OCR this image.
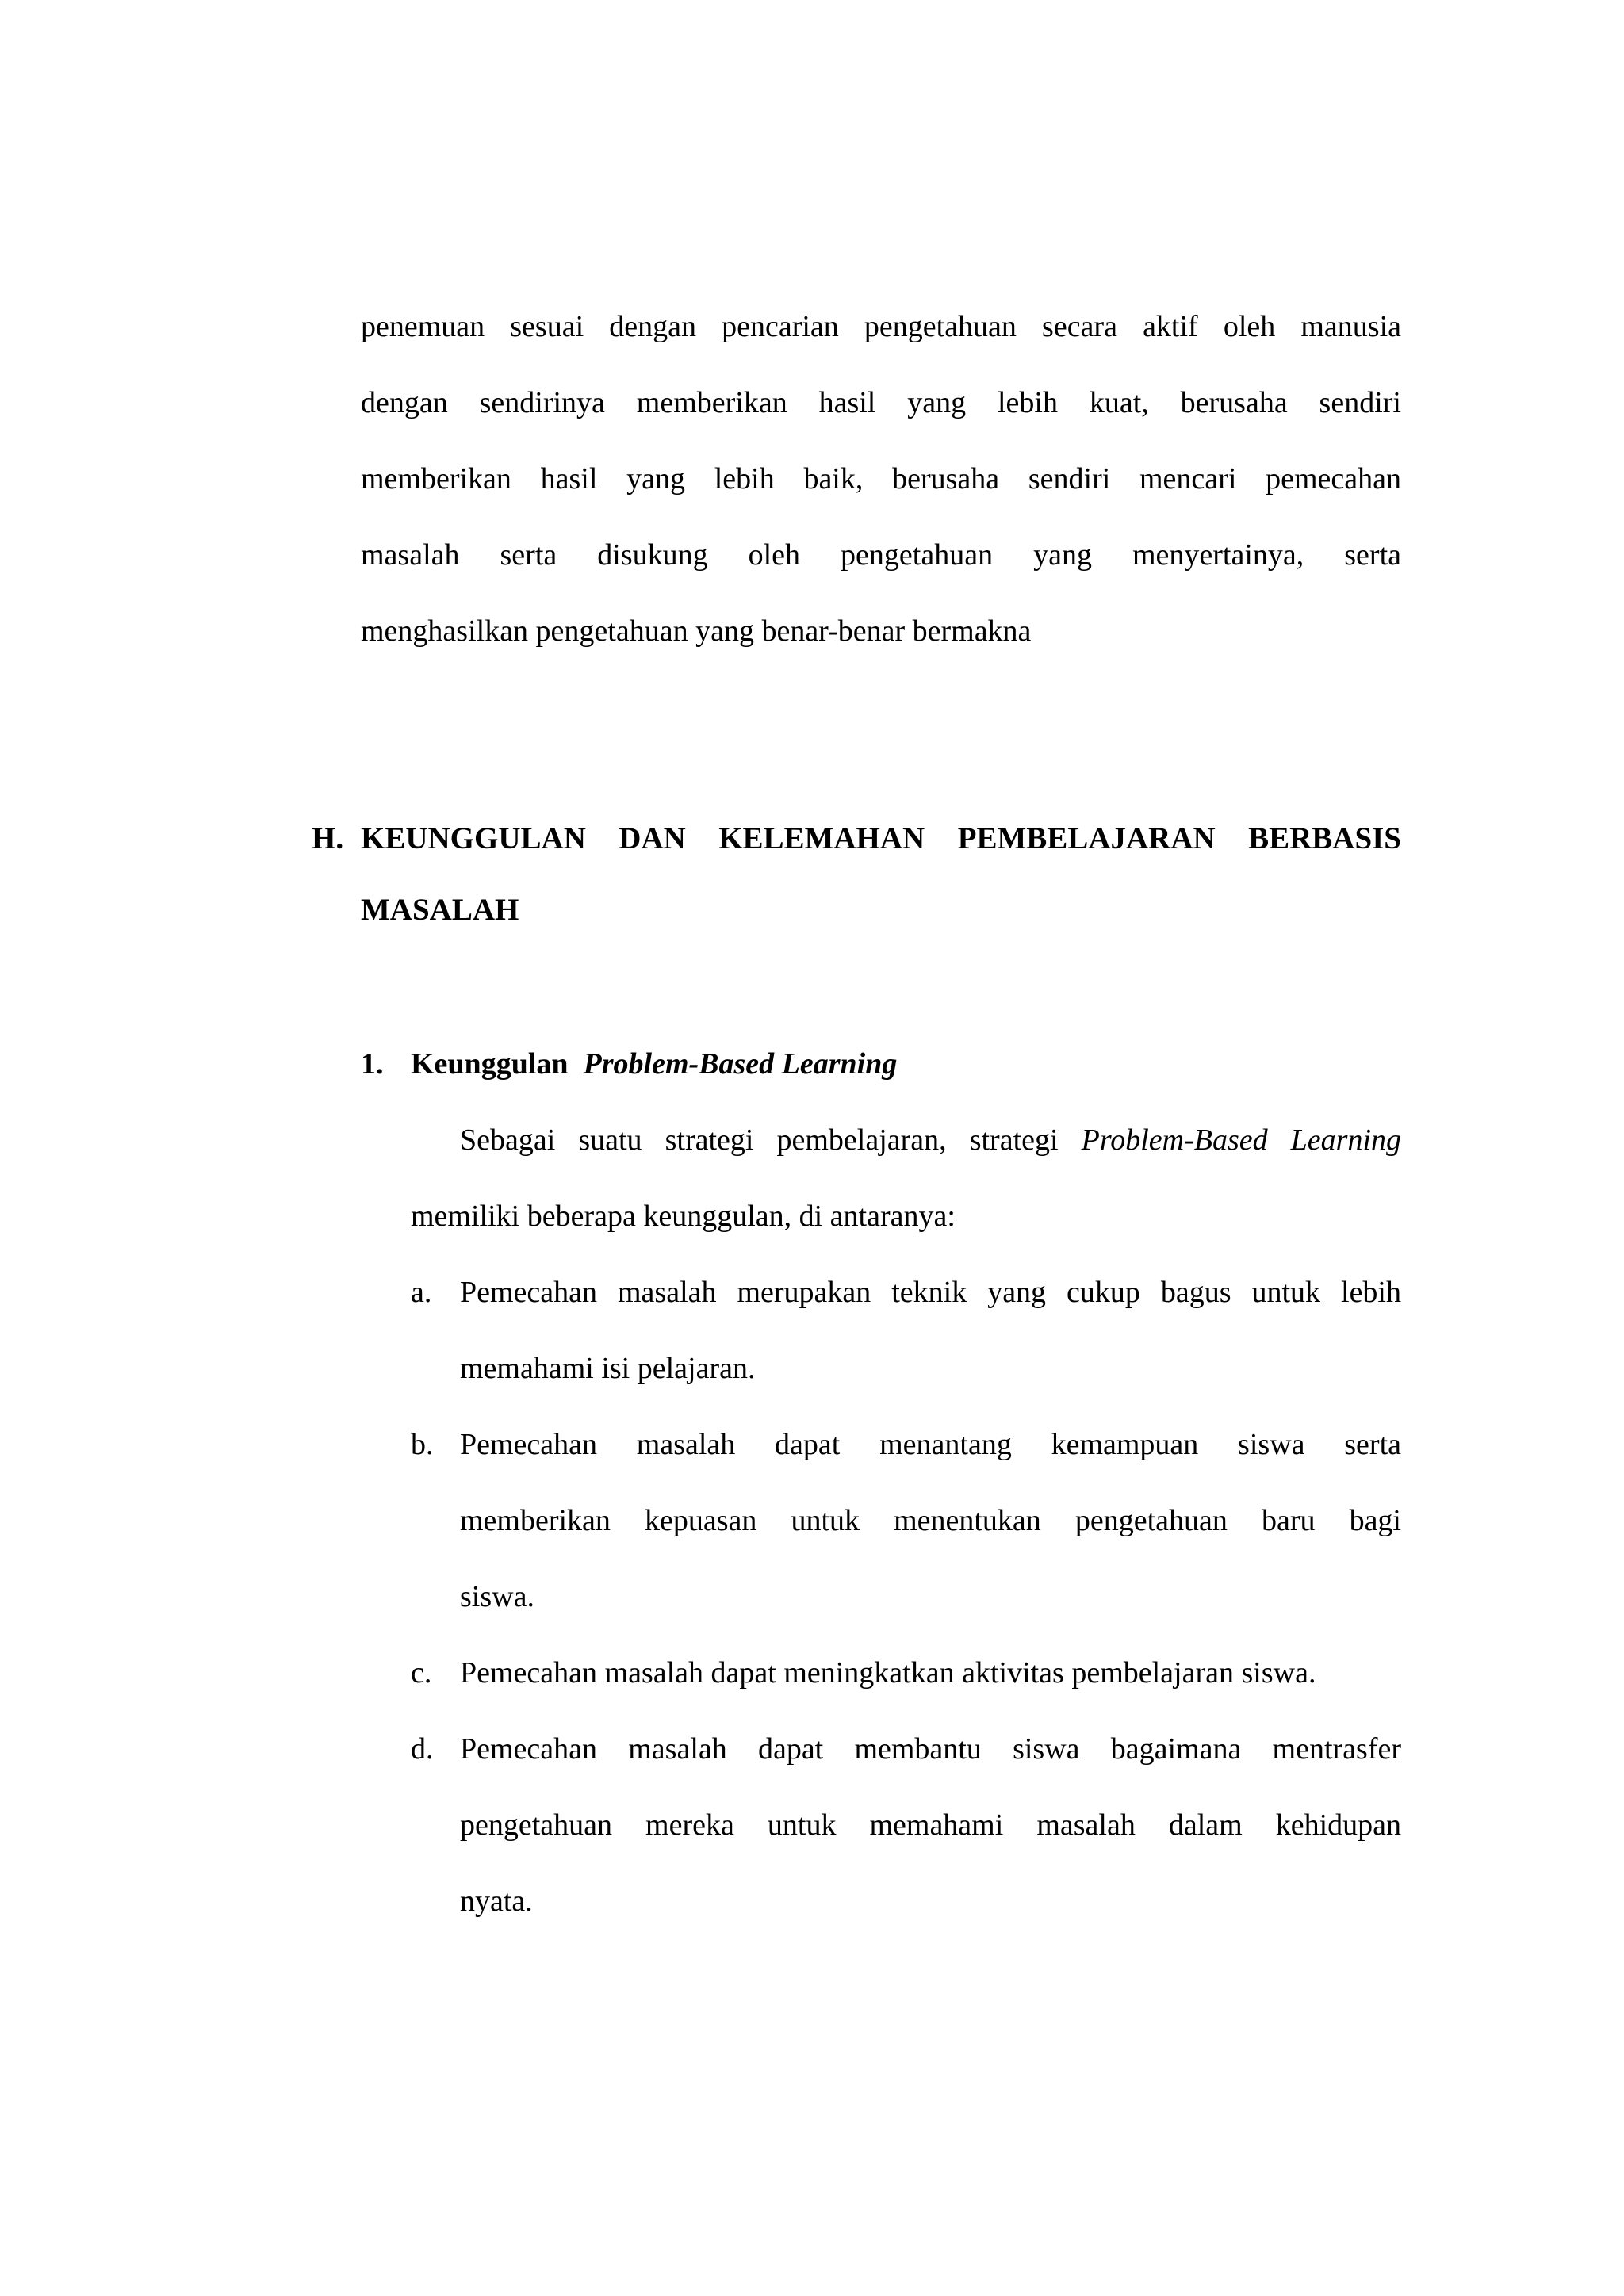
penemuan sesuai dengan pencarian pengetahuan secara aktif oleh manusia
dengan sendirinya memberikan hasil yang lebih kuat, berusaha sendiri
memberikan hasil yang lebih baik, berusaha sendiri mencari pemecahan
masalah serta disukung oleh pengetahuan yang menyertainya, serta
menghasilkan pengetahuan yang benar-benar bermakna
H. KEUNGGULAN DAN KELEMAHAN PEMBELAJARAN BERBASIS
MASALAH
1. Keunggulan Problem-Based Learning
Sebagai suatu strategi pembelajaran, strategi Problem-Based Learning
memiliki beberapa keunggulan, di antaranya:
a. Pemecahan masalah merupakan teknik yang cukup bagus untuk lebih
memahami isi pelajaran.
b. Pemecahan masalah dapat menantang kemampuan siswa serta
memberikan kepuasan untuk menentukan pengetahuan baru bagi
siswa.
c. Pemecahan masalah dapat meningkatkan aktivitas pembelajaran siswa.
d. Pemecahan masalah dapat membantu siswa bagaimana mentrasfer
pengetahuan mereka untuk memahami masalah dalam kehidupan
nyata.
